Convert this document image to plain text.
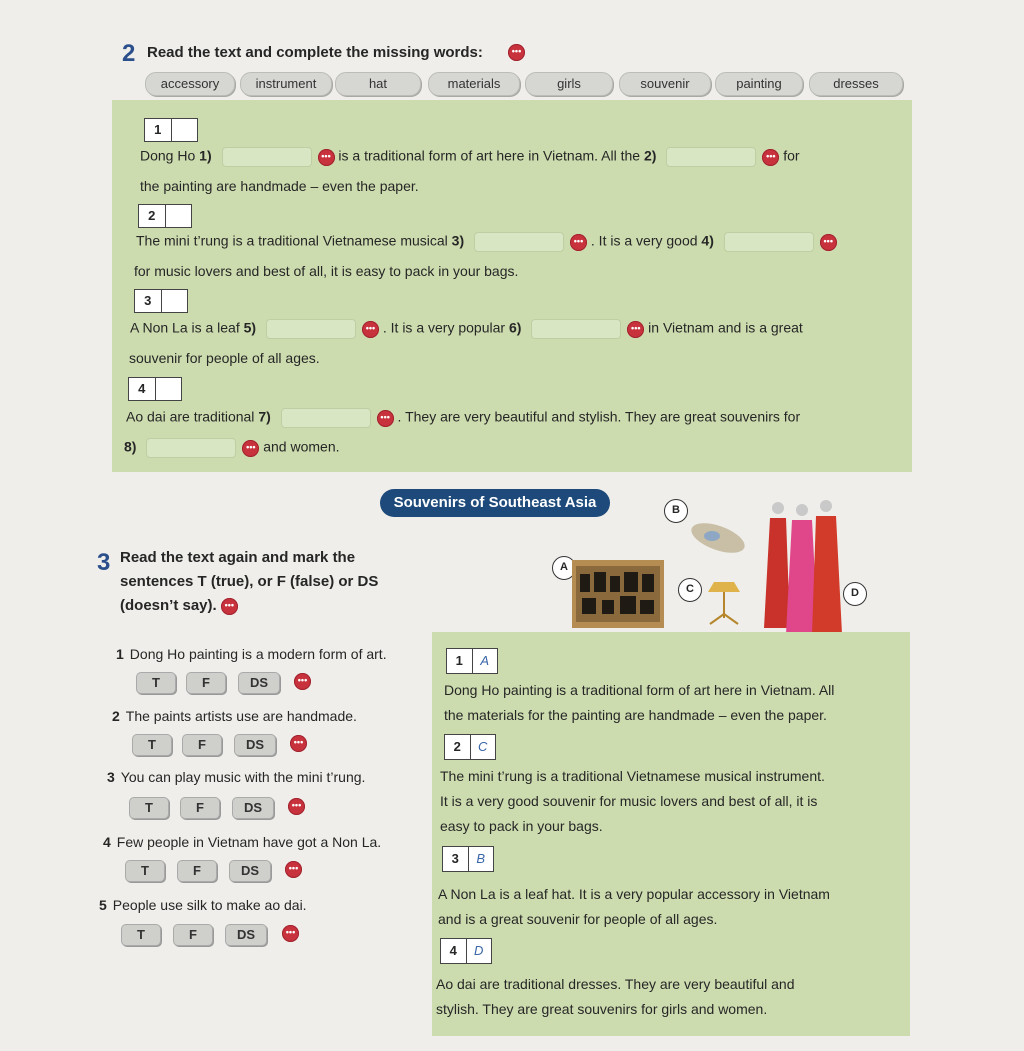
2 Read the text and complete the missing words:	•••
accessory	instrument	hat	materials	girls	souvenir	painting	dresses
1
Dong Ho 1)	••• is a traditional form of art here in Vietnam. All the 2)	••• for
the painting are handmade – even the paper.
2
The mini t’rung is a traditional Vietnamese musical 3)	••• . It is a very good 4)	•••
for music lovers and best of all, it is easy to pack in your bags.
3
A Non La is a leaf 5)	••• . It is a very popular 6)	••• in Vietnam and is a great
souvenir for people of all ages.
4
Ao dai are traditional 7)	••• . They are very beautiful and stylish. They are great souvenirs for
8)	••• and women.
Souvenirs of Southeast Asia	B
A
C	D
3 Read the text again and mark the
sentences T (true), or F (false) or DS
(doesn’t say). •••
1 Dong Ho painting is a modern form of art.
T	F	DS	•••
2 The paints artists use are handmade.
T	F	DS	•••
3 You can play music with the mini t’rung.
T	F	DS	•••
4 Few people in Vietnam have got a Non La.
T	F	DS	•••
5 People use silk to make ao dai.
T	F	DS	•••
1	A
Dong Ho painting is a traditional form of art here in Vietnam. All
the materials for the painting are handmade – even the paper.
2	C
The mini t’rung is a traditional Vietnamese musical instrument.
It is a very good souvenir for music lovers and best of all, it is
easy to pack in your bags.
3	B
A Non La is a leaf hat. It is a very popular accessory in Vietnam
and is a great souvenir for people of all ages.
4	D
Ao dai are traditional dresses. They are very beautiful and
stylish. They are great souvenirs for girls and women.
